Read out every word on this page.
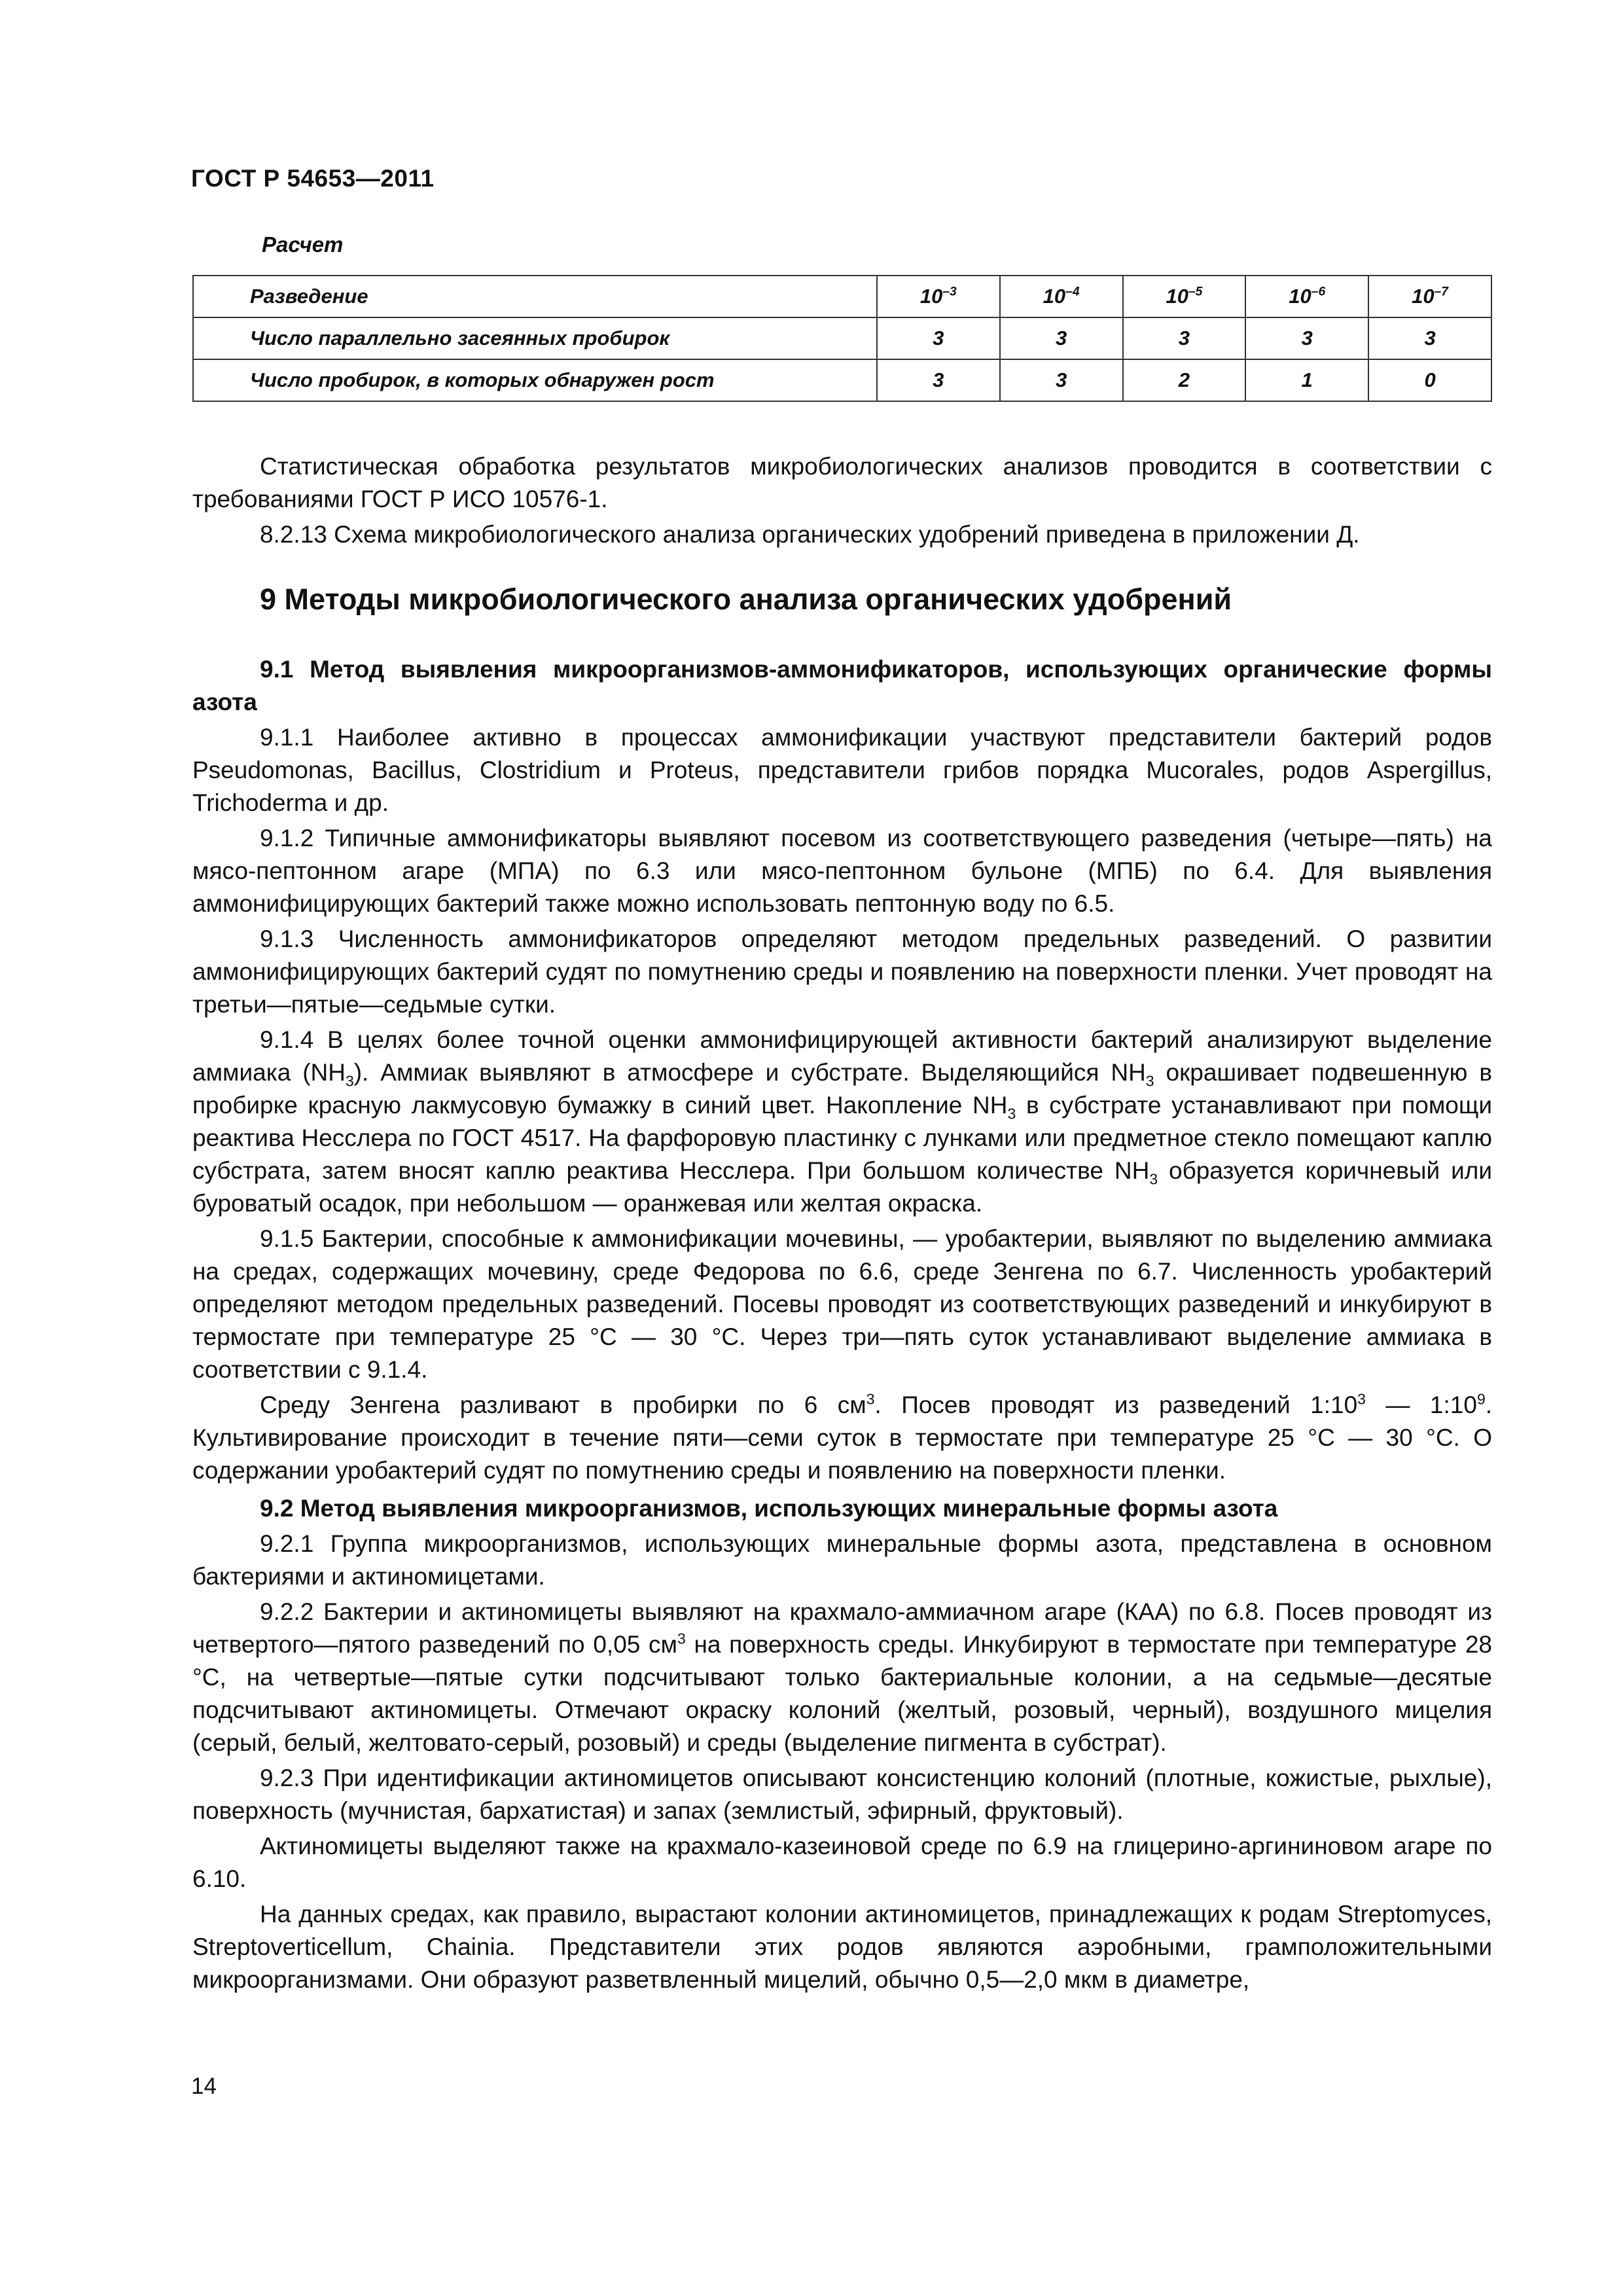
ГОСТ Р 54653—2011
Расчет
Разведение	$10^{-3}$	$10^{-4}$	$10^{-5}$	$10^{-6}$	$10^{-7}$
Число параллельно засеянных пробирок	3	3	3	3	3
Число пробирок, в которых обнаружен рост	3	3	2	1	0

Статистическая обработка результатов микробиологических анализов проводится в соответствии с требованиями ГОСТ Р ИСО 10576-1.

8.2.13 Схема микробиологического анализа органических удобрений приведена в приложении Д.

9 Методы микробиологического анализа органических удобрений
9.1 Метод выявления микроорганизмов-аммонификаторов, использующих органические формы азота

9.1.1 Наиболее активно в процессах аммонификации участвуют представители бактерий родов Pseudomonas, Bacillus, Clostridium и Proteus, представители грибов порядка Mucorales, родов Aspergillus, Trichoderma и др.

9.1.2 Типичные аммонификаторы выявляют посевом из соответствующего разведения (четыре—пять) на мясо-пептонном агаре (МПА) по 6.3 или мясо-пептонном бульоне (МПБ) по 6.4. Для выявления аммонифицирующих бактерий также можно использовать пептонную воду по 6.5.

9.1.3 Численность аммонификаторов определяют методом предельных разведений. О развитии аммонифицирующих бактерий судят по помутнению среды и появлению на поверхности пленки. Учет проводят на третьи—пятые—седьмые сутки.

9.1.4 В целях более точной оценки аммонифицирующей активности бактерий анализируют выделение аммиака $(NH_3)$. Аммиак выявляют в атмосфере и субстрате. Выделяющийся $NH_3$ окрашивает подвешенную в пробирке красную лакмусовую бумажку в синий цвет. Накопление $NH_3$ в субстрате устанавливают при помощи реактива Несслера по ГОСТ 4517. На фарфоровую пластинку с лунками или предметное стекло помещают каплю субстрата, затем вносят каплю реактива Несслера. При большом количестве $NH_3$ образуется коричневый или буроватый осадок, при небольшом — оранжевая или желтая окраска.

9.1.5 Бактерии, способные к аммонификации мочевины, — уробактерии, выявляют по выделению аммиака на средах, содержащих мочевину, среде Федорова по 6.6, среде Зенгена по 6.7. Численность уробактерий определяют методом предельных разведений. Посевы проводят из соответствующих разведений и инкубируют в термостате при температуре 25 °С — 30 °С. Через три—пять суток устанавливают выделение аммиака в соответствии с 9.1.4.

Среду Зенгена разливают в пробирки по 6 $см^3$. Посев проводят из разведений $1:10^3$ — $1:10^9$. Культивирование происходит в течение пяти—семи суток в термостате при температуре 25 °С — 30 °С. О содержании уробактерий судят по помутнению среды и появлению на поверхности пленки.

9.2 Метод выявления микроорганизмов, использующих минеральные формы азота

9.2.1 Группа микроорганизмов, использующих минеральные формы азота, представлена в основном бактериями и актиномицетами.

9.2.2 Бактерии и актиномицеты выявляют на крахмало-аммиачном агаре (КАА) по 6.8. Посев проводят из четвертого—пятого разведений по 0,05 $см^3$ на поверхность среды. Инкубируют в термостате при температуре 28 °С, на четвертые—пятые сутки подсчитывают только бактериальные колонии, а на седьмые—десятые подсчитывают актиномицеты. Отмечают окраску колоний (желтый, розовый, черный), воздушного мицелия (серый, белый, желтовато-серый, розовый) и среды (выделение пигмента в субстрат).

9.2.3 При идентификации актиномицетов описывают консистенцию колоний (плотные, кожистые, рыхлые), поверхность (мучнистая, бархатистая) и запах (землистый, эфирный, фруктовый).

Актиномицеты выделяют также на крахмало-казеиновой среде по 6.9 на глицерино-аргининовом агаре по 6.10.

На данных средах, как правило, вырастают колонии актиномицетов, принадлежащих к родам Streptomyces, Streptoverticellum, Chainia. Представители этих родов являются аэробными, грамположительными микроорганизмами. Они образуют разветвленный мицелий, обычно 0,5—2,0 мкм в диаметре,

14
